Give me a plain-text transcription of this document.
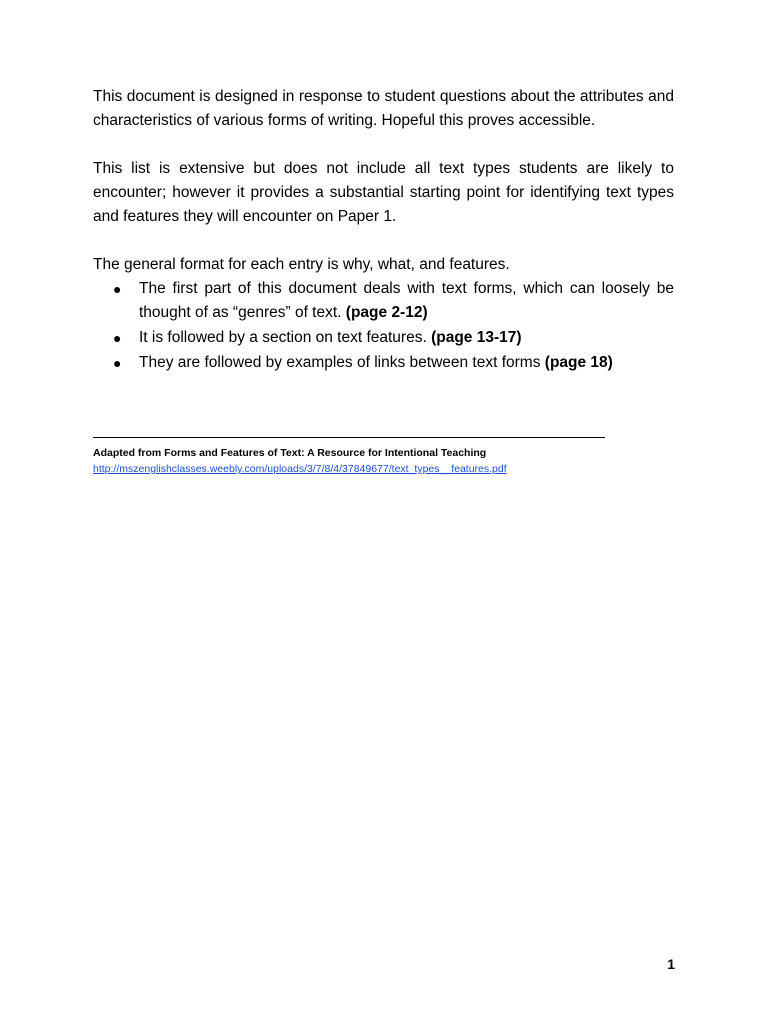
This document is designed in response to student questions about the attributes and characteristics of various forms of writing. Hopeful this proves accessible.

This list is extensive but does not include all text types students are likely to encounter; however it provides a substantial starting point for identifying text types and features they will encounter on Paper 1.

The general format for each entry is why, what, and features.

● The first part of this document deals with text forms, which can loosely be thought of as “genres” of text. (page 2-12)
● It is followed by a section on text features. (page 13-17)
● They are followed by examples of links between text forms (page 18)
Adapted from Forms and Features of Text: A Resource for Intentional Teaching
http://mszenglishclasses.weebly.com/uploads/3/7/8/4/37849677/text_types__features.pdf
1
